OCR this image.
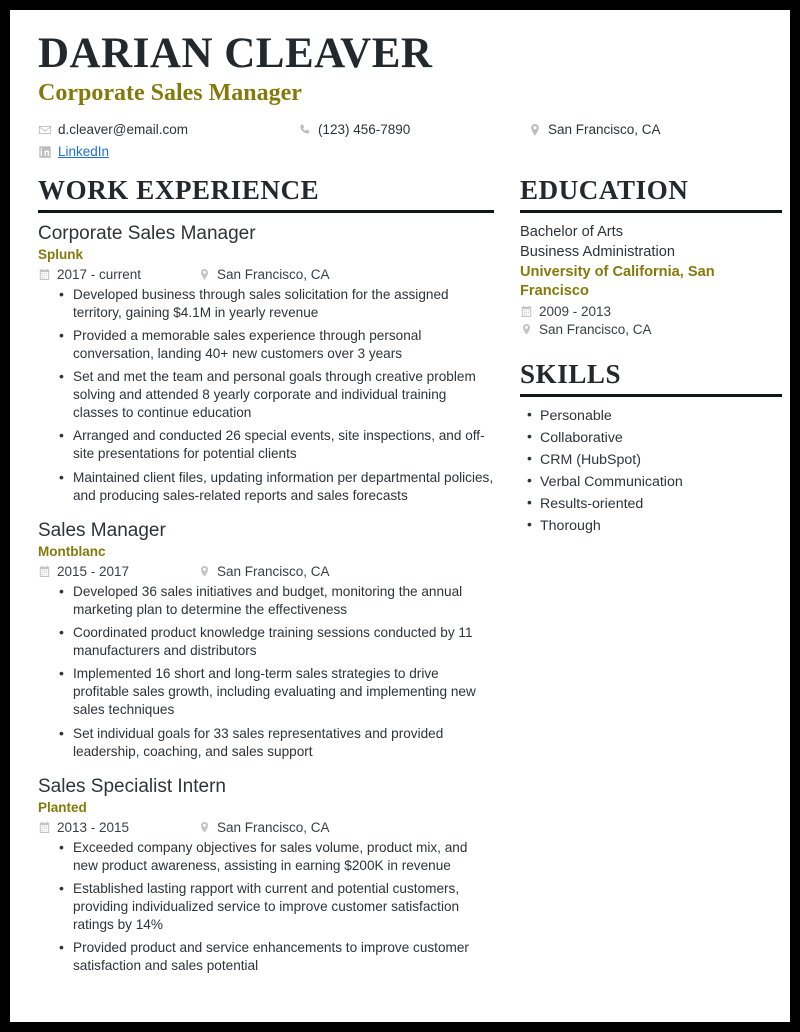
DARIAN CLEAVER
Corporate Sales Manager
d.cleaver@email.com	(123) 456-7890	San Francisco, CA
LinkedIn
WORK EXPERIENCE
Corporate Sales Manager
Splunk
2017 - current	San Francisco, CA
• Developed business through sales solicitation for the assigned territory, gaining $4.1M in yearly revenue
• Provided a memorable sales experience through personal conversation, landing 40+ new customers over 3 years
• Set and met the team and personal goals through creative problem solving and attended 8 yearly corporate and individual training classes to continue education
• Arranged and conducted 26 special events, site inspections, and off-site presentations for potential clients
• Maintained client files, updating information per departmental policies, and producing sales-related reports and sales forecasts
Sales Manager
Montblanc
2015 - 2017	San Francisco, CA
• Developed 36 sales initiatives and budget, monitoring the annual marketing plan to determine the effectiveness
• Coordinated product knowledge training sessions conducted by 11 manufacturers and distributors
• Implemented 16 short and long-term sales strategies to drive profitable sales growth, including evaluating and implementing new sales techniques
• Set individual goals for 33 sales representatives and provided leadership, coaching, and sales support
Sales Specialist Intern
Planted
2013 - 2015	San Francisco, CA
• Exceeded company objectives for sales volume, product mix, and new product awareness, assisting in earning $200K in revenue
• Established lasting rapport with current and potential customers, providing individualized service to improve customer satisfaction ratings by 14%
• Provided product and service enhancements to improve customer satisfaction and sales potential
EDUCATION
Bachelor of Arts
Business Administration
University of California, San Francisco
2009 - 2013
San Francisco, CA
SKILLS
• Personable
• Collaborative
• CRM (HubSpot)
• Verbal Communication
• Results-oriented
• Thorough
